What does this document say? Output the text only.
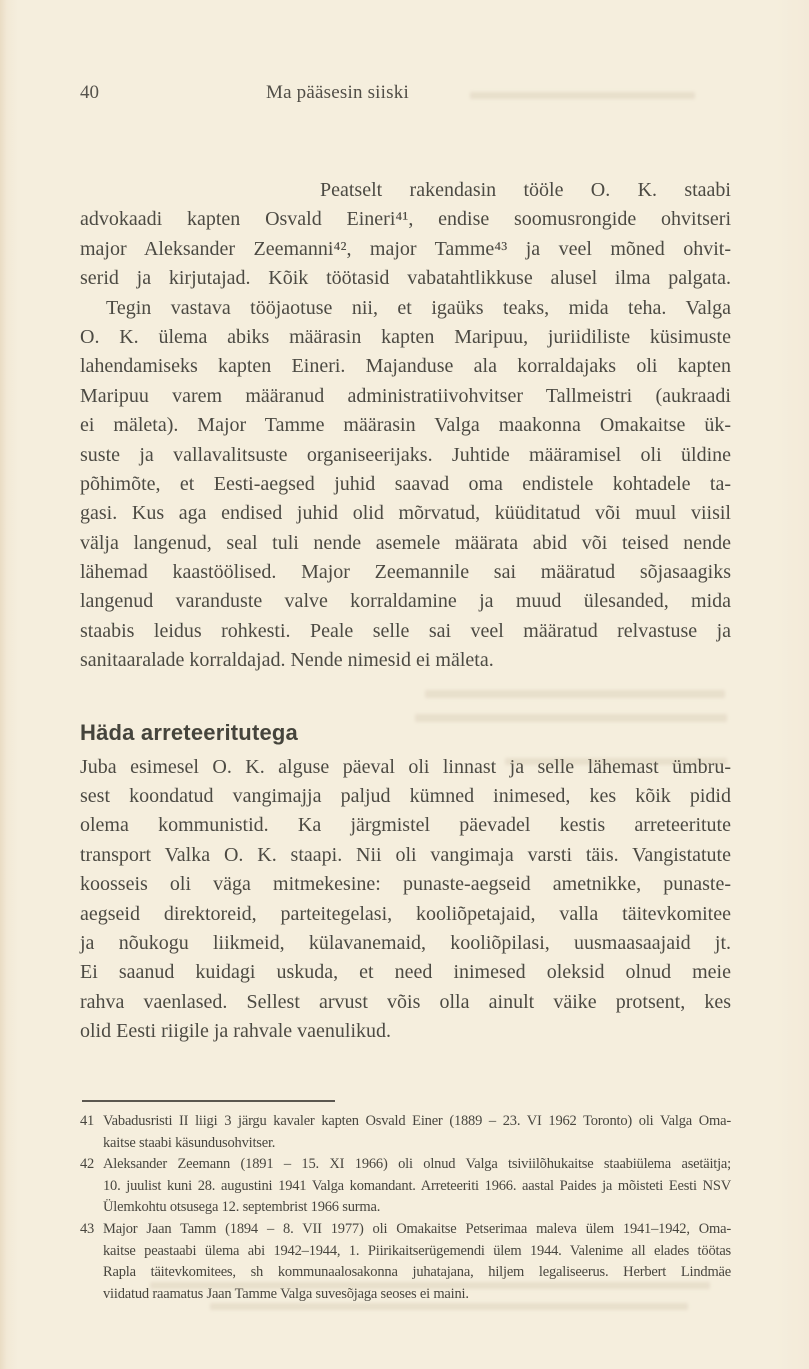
40	Ma pääsesin siiski
Peatselt rakendasin tööle O. K. staabi
advokaadi kapten Osvald Eineri⁴¹, endise soomusrongide ohvitseri
major Aleksander Zeemanni⁴², major Tamme⁴³ ja veel mõned ohvit-
serid ja kirjutajad. Kõik töötasid vabatahtlikkuse alusel ilma palgata.
Tegin vastava tööjaotuse nii, et igaüks teaks, mida teha. Valga
O. K. ülema abiks määrasin kapten Maripuu, juriidiliste küsimuste
lahendamiseks kapten Eineri. Majanduse ala korraldajaks oli kapten
Maripuu varem määranud administratiivohvitser Tallmeistri (aukraadi
ei mäleta). Major Tamme määrasin Valga maakonna Omakaitse ük-
suste ja vallavalitsuste organiseerijaks. Juhtide määramisel oli üldine
põhimõte, et Eesti-aegsed juhid saavad oma endistele kohtadele ta-
gasi. Kus aga endised juhid olid mõrvatud, küüditatud või muul viisil
välja langenud, seal tuli nende asemele määrata abid või teised nende
lähemad kaastöölised. Major Zeemannile sai määratud sõjasaagiks
langenud varanduste valve korraldamine ja muud ülesanded, mida
staabis leidus rohkesti. Peale selle sai veel määratud relvastuse ja
sanitaaralade korraldajad. Nende nimesid ei mäleta.
Häda arreteeritutega
Juba esimesel O. K. alguse päeval oli linnast ja selle lähemast ümbru-
sest koondatud vangimajja paljud kümned inimesed, kes kõik pidid
olema kommunistid. Ka järgmistel päevadel kestis arreteeritute
transport Valka O. K. staapi. Nii oli vangimaja varsti täis. Vangistatute
koosseis oli väga mitmekesine: punaste-aegseid ametnikke, punaste-
aegseid direktoreid, parteitegelasi, kooliõpetajaid, valla täitevkomitee
ja nõukogu liikmeid, külavanemaid, kooliõpilasi, uusmaasaajaid jt.
Ei saanud kuidagi uskuda, et need inimesed oleksid olnud meie
rahva vaenlased. Sellest arvust võis olla ainult väike protsent, kes
olid Eesti riigile ja rahvale vaenulikud.
41 Vabadusristi II liigi 3 järgu kavaler kapten Osvald Einer (1889 – 23. VI 1962 Toronto) oli Valga Oma-
kaitse staabi käsundusohvitser.
42 Aleksander Zeemann (1891 – 15. XI 1966) oli olnud Valga tsiviilõhukaitse staabiülema asetäitja;
10. juulist kuni 28. augustini 1941 Valga komandant. Arreteeriti 1966. aastal Paides ja mõisteti Eesti NSV
Ülemkohtu otsusega 12. septembrist 1966 surma.
43 Major Jaan Tamm (1894 – 8. VII 1977) oli Omakaitse Petserimaa maleva ülem 1941–1942, Oma-
kaitse peastaabi ülema abi 1942–1944, 1. Piirikaitserügemendi ülem 1944. Valenime all elades töötas
Rapla täitevkomitees, sh kommunaalosakonna juhatajana, hiljem legaliseerus. Herbert Lindmäe
viidatud raamatus Jaan Tamme Valga suvesõjaga seoses ei maini.
